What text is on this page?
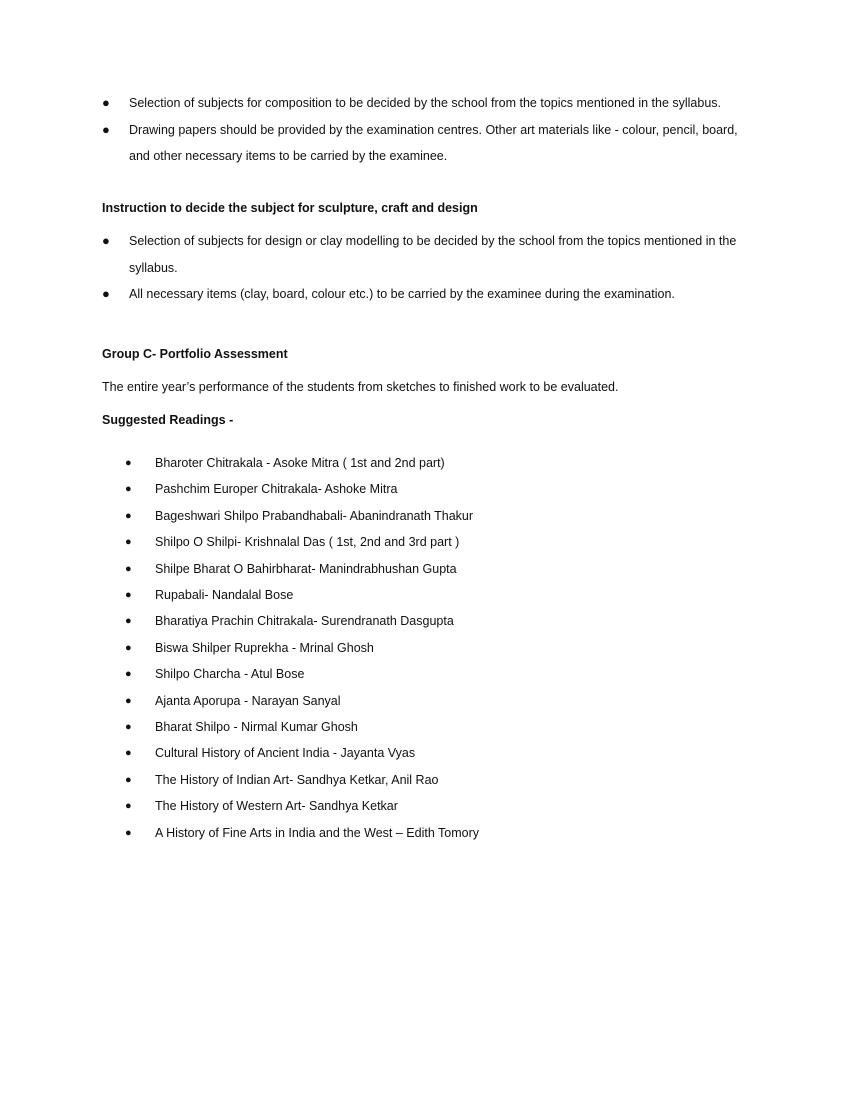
● Selection of subjects for composition to be decided by the school from the topics mentioned in the syllabus.
● Drawing papers should be provided by the examination centres. Other art materials like - colour, pencil, board, and other necessary items to be carried by the examinee.
Instruction to decide the subject for sculpture, craft and design
● Selection of subjects for design or clay modelling to be decided by the school from the topics mentioned in the syllabus.
● All necessary items (clay, board, colour etc.) to be carried by the examinee during the examination.
Group C- Portfolio Assessment
The entire year’s performance of the students from sketches to finished work to be evaluated.
Suggested Readings -
● Bharoter Chitrakala - Asoke Mitra ( 1st and 2nd part)
● Pashchim Europer Chitrakala- Ashoke Mitra
● Bageshwari Shilpo Prabandhabali- Abanindranath Thakur
● Shilpo O Shilpi- Krishnalal Das ( 1st, 2nd and 3rd part )
● Shilpe Bharat O Bahirbharat- Manindrabhushan Gupta
● Rupabali- Nandalal Bose
● Bharatiya Prachin Chitrakala- Surendranath Dasgupta
● Biswa Shilper Ruprekha - Mrinal Ghosh
● Shilpo Charcha - Atul Bose
● Ajanta Aporupa - Narayan Sanyal
● Bharat Shilpo - Nirmal Kumar Ghosh
● Cultural History of Ancient India - Jayanta Vyas
● The History of Indian Art- Sandhya Ketkar, Anil Rao
● The History of Western Art- Sandhya Ketkar
● A History of Fine Arts in India and the West – Edith Tomory
